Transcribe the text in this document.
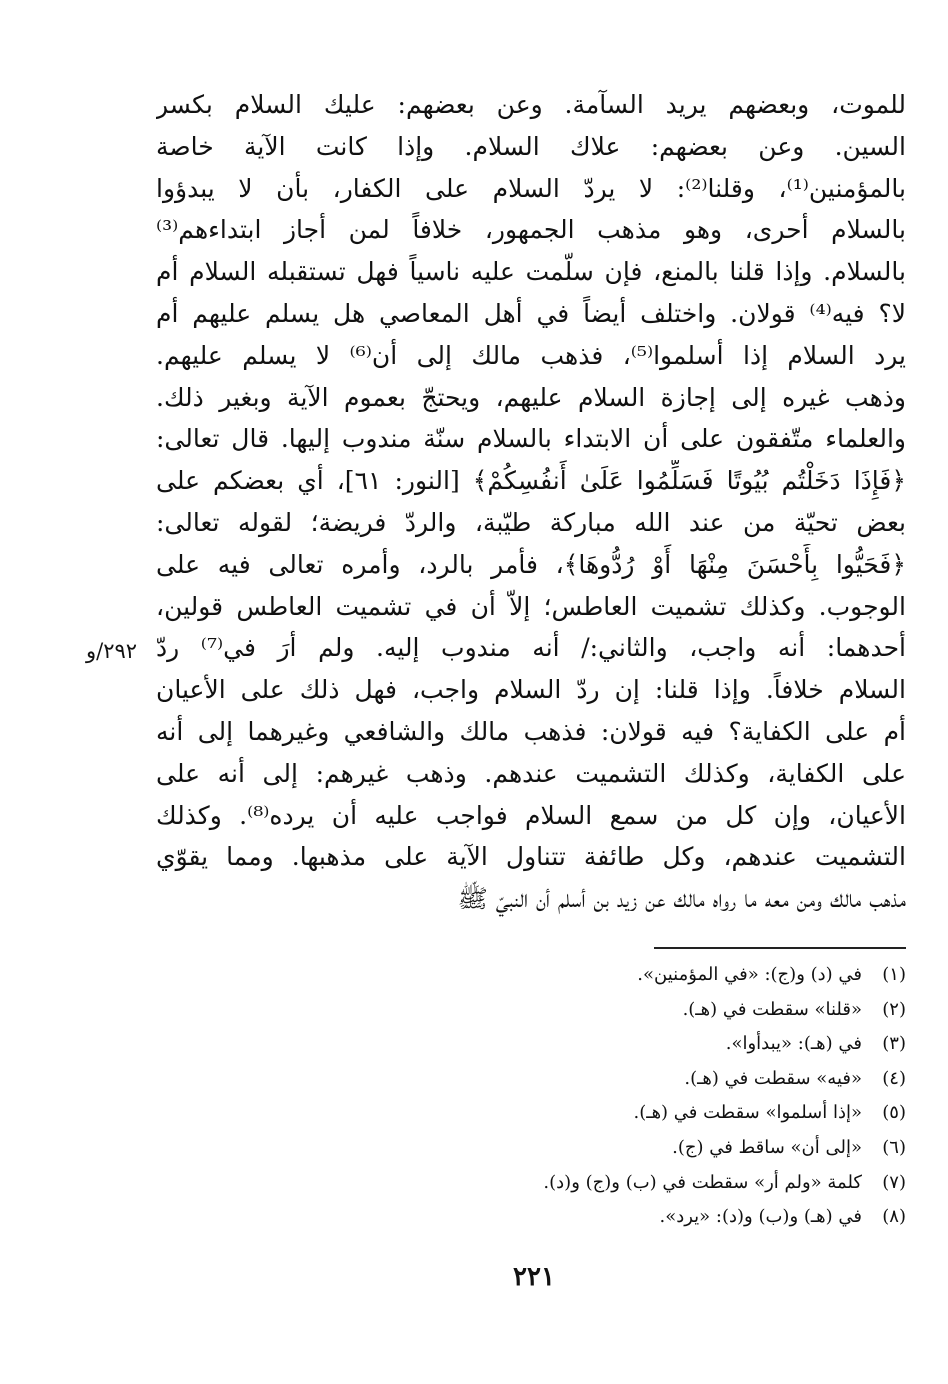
للموت، وبعضهم يريد السآمة. وعن بعضهم: عليك السلام بكسر
السين. وعن بعضهم: علاك السلام. وإذا كانت الآية خاصة
بالمؤمنين⁽¹⁾، وقلنا⁽²⁾: لا يردّ السلام على الكفار، بأن لا يبدؤوا
بالسلام أحرى، وهو مذهب الجمهور، خلافاً لمن أجاز ابتداءهم⁽³⁾
بالسلام. وإذا قلنا بالمنع، فإن سلّمت عليه ناسياً فهل تستقبله السلام أم
لا؟ فيه⁽⁴⁾ قولان. واختلف أيضاً في أهل المعاصي هل يسلم عليهم أم
يرد السلام إذا أسلموا⁽⁵⁾، فذهب مالك إلى أن⁽⁶⁾ لا يسلم عليهم.
وذهب غيره إلى إجازة السلام عليهم، ويحتجّ بعموم الآية وبغير ذلك.
والعلماء متّفقون على أن الابتداء بالسلام سنّة مندوب إليها. قال تعالى:
﴿فَإِذَا دَخَلْتُم بُيُوتًا فَسَلِّمُوا عَلَىٰ أَنفُسِكُمْ﴾ [النور: ٦١]، أي بعضكم على
بعض تحيّة من عند الله مباركة طيّبة، والردّ فريضة؛ لقوله تعالى:
﴿فَحَيُّوا بِأَحْسَنَ مِنْهَا أَوْ رُدُّوهَا﴾، فأمر بالرد، وأمره تعالى فيه على
الوجوب. وكذلك تشميت العاطس؛ إلاّ أن في تشميت العاطس قولين،
أحدهما: أنه واجب، والثاني:/ أنه مندوب إليه. ولم أرَ في⁽⁷⁾ ردّ
السلام خلافاً. وإذا قلنا: إن ردّ السلام واجب، فهل ذلك على الأعيان
أم على الكفاية؟ فيه قولان: فذهب مالك والشافعي وغيرهما إلى أنه
على الكفاية، وكذلك التشميت عندهم. وذهب غيرهم: إلى أنه على
الأعيان، وإن كل من سمع السلام فواجب عليه أن يرده⁽⁸⁾. وكذلك
التشميت عندهم، وكل طائفة تتناول الآية على مذهبها. ومما يقوّي
مذهب مالك ومن معه ما رواه مالك عن زيد بن أسلم أن النبيّ ﷺ
٢٩٢/و
(١)في (د) و(ج): «في المؤمنين».
(٢)«قلنا» سقطت في (هـ).
(٣)في (هـ): «يبدأوا».
(٤)«فيه» سقطت في (هـ).
(٥)«إذا أسلموا» سقطت في (هـ).
(٦)«إلى أن» ساقط في (ج).
(٧)كلمة «ولم أر» سقطت في (ب) و(ج) و(د).
(٨)في (هـ) و(ب) و(د): «يرد».
٢٢١
